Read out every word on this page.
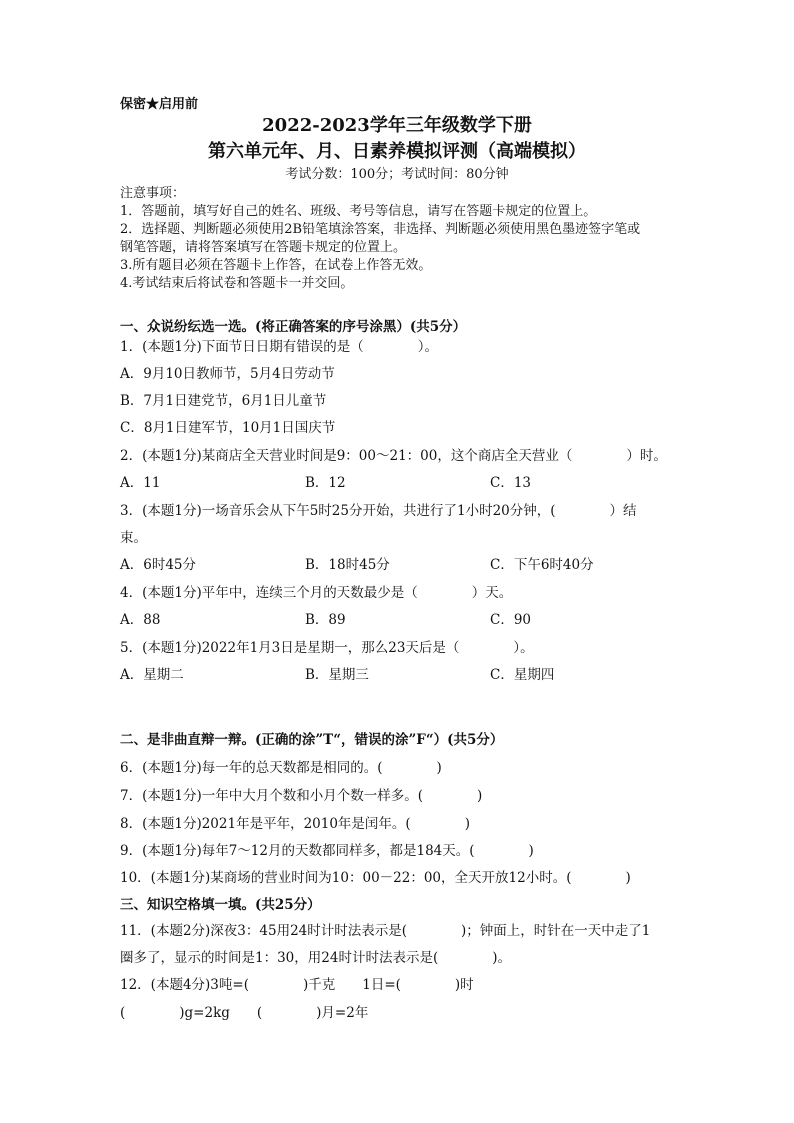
保密★启用前
2022-2023学年三年级数学下册
第六单元年、月、日素养模拟评测（高端模拟）
考试分数：100分；考试时间：80分钟
注意事项：
1．答题前，填写好自己的姓名、班级、考号等信息，请写在答题卡规定的位置上。
2．选择题、判断题必须使用2B铅笔填涂答案，非选择、判断题必须使用黑色墨迹签字笔或
钢笔答题，请将答案填写在答题卡规定的位置上。
3.所有题目必须在答题卡上作答，在试卷上作答无效。
4.考试结束后将试卷和答题卡一并交回。
一、众说纷纭选一选。(将正确答案的序号涂黑）(共5分）
1．(本题1分)下面节日日期有错误的是（　　　　）。
A．9月10日教师节，5月4日劳动节
B．7月1日建党节，6月1日儿童节
C．8月1日建军节，10月1日国庆节
2．(本题1分)某商店全天营业时间是9：00～21：00，这个商店全天营业（　　　　）时。
A．11	B．12	C．13
3．(本题1分)一场音乐会从下午5时25分开始，共进行了1小时20分钟，(　　　　）结
束。
A．6时45分	B．18时45分	C．下午6时40分
4．(本题1分)平年中，连续三个月的天数最少是（　　　　）天。
A．88	B．89	C．90
5．(本题1分)2022年1月3日是星期一，那么23天后是（　　　　）。
A．星期二	B．星期三	C．星期四
二、是非曲直辩一辩。(正确的涂”T“，错误的涂”F“）(共5分）
6．(本题1分)每一年的总天数都是相同的。(　　　　)
7．(本题1分)一年中大月个数和小月个数一样多。(　　　　)
8．(本题1分)2021年是平年，2010年是闰年。(　　　　)
9．(本题1分)每年7～12月的天数都同样多，都是184天。(　　　　)
10．(本题1分)某商场的营业时间为10：00－22：00，全天开放12小时。(　　　　)
三、知识空格填一填。(共25分）
11．(本题2分)深夜3：45用24时计时法表示是(　　　　)；钟面上，时针在一天中走了1
圈多了，显示的时间是1：30，用24时计时法表示是(　　　　)。
12．(本题4分)3吨=(　　　　)千克　　1日=(　　　　)时
(　　　　)g=2kg　　(　　　　)月=2年
